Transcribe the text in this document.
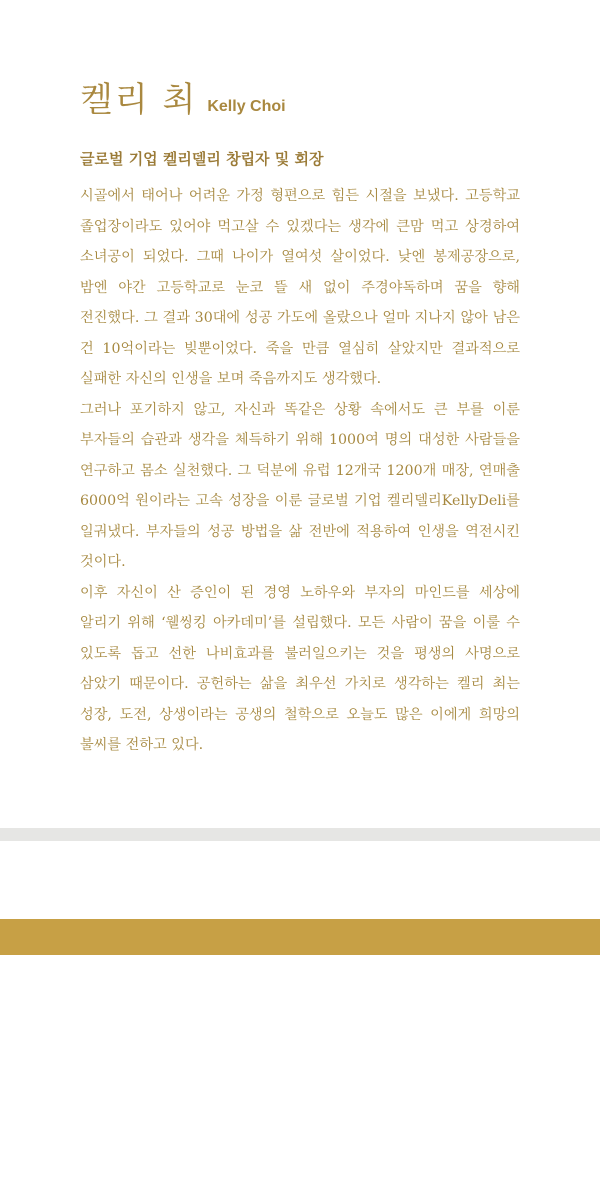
켈리 최 Kelly Choi
글로벌 기업 켈리델리 창립자 및 회장

시골에서 태어나 어려운 가정 형편으로 힘든 시절을 보냈다. 고등학교 졸업장이라도 있어야 먹고살 수 있겠다는 생각에 큰맘 먹고 상경하여 소녀공이 되었다. 그때 나이가 열여섯 살이었다. 낮엔 봉제공장으로, 밤엔 야간 고등학교로 눈코 뜰 새 없이 주경야독하며 꿈을 향해 전진했다. 그 결과 30대에 성공 가도에 올랐으나 얼마 지나지 않아 남은 건 10억이라는 빚뿐이었다. 죽을 만큼 열심히 살았지만 결과적으로 실패한 자신의 인생을 보며 죽음까지도 생각했다.

그러나 포기하지 않고, 자신과 똑같은 상황 속에서도 큰 부를 이룬 부자들의 습관과 생각을 체득하기 위해 1000여 명의 대성한 사람들을 연구하고 몸소 실천했다. 그 덕분에 유럽 12개국 1200개 매장, 연매출 6000억 원이라는 고속 성장을 이룬 글로벌 기업 켈리델리KellyDeli를 일궈냈다. 부자들의 성공 방법을 삶 전반에 적용하여 인생을 역전시킨 것이다.

이후 자신이 산 증인이 된 경영 노하우와 부자의 마인드를 세상에 알리기 위해 ‘웰씽킹 아카데미’를 설립했다. 모든 사람이 꿈을 이룰 수 있도록 돕고 선한 나비효과를 불러일으키는 것을 평생의 사명으로 삼았기 때문이다. 공헌하는 삶을 최우선 가치로 생각하는 켈리 최는 성장, 도전, 상생이라는 공생의 철학으로 오늘도 많은 이에게 희망의 불씨를 전하고 있다.
